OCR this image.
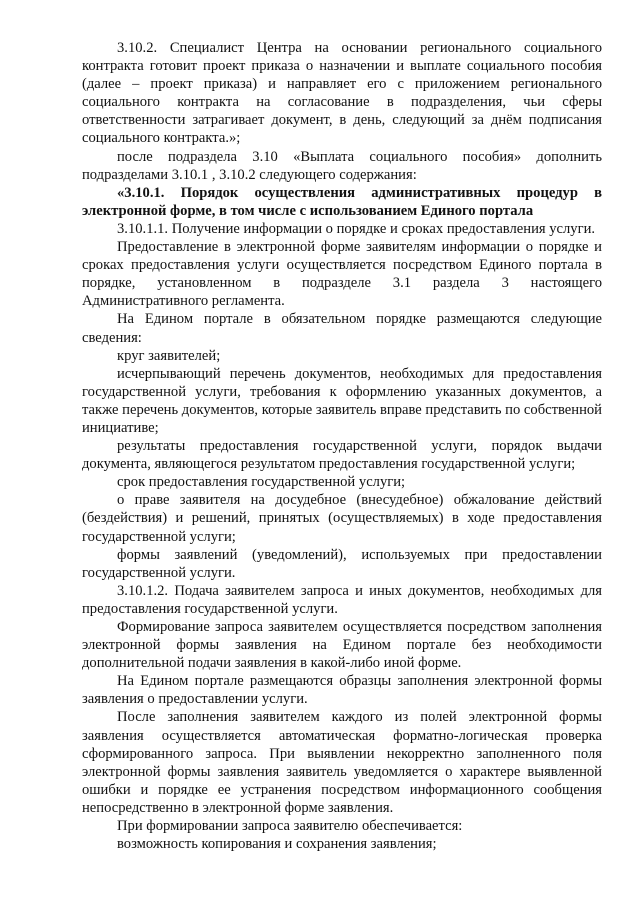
3.10.2. Специалист Центра на основании регионального социального контракта готовит проект приказа о назначении и выплате социального пособия (далее – проект приказа) и направляет его с приложением регионального социального контракта на согласование в подразделения, чьи сферы ответственности затрагивает документ, в день, следующий за днём подписания социального контракта.»;

после подраздела 3.10 «Выплата социального пособия» дополнить подразделами 3.10.1 , 3.10.2 следующего содержания:

«3.10.1. Порядок осуществления административных процедур в электронной форме, в том числе с использованием Единого портала

3.10.1.1. Получение информации о порядке и сроках предоставления услуги.

Предоставление в электронной форме заявителям информации о порядке и сроках предоставления услуги осуществляется посредством Единого портала в порядке, установленном в подразделе 3.1 раздела 3 настоящего Административного регламента.

На Едином портале в обязательном порядке размещаются следующие сведения:

круг заявителей;

исчерпывающий перечень документов, необходимых для предоставления государственной услуги, требования к оформлению указанных документов, а также перечень документов, которые заявитель вправе представить по собственной инициативе;

результаты предоставления государственной услуги, порядок выдачи документа, являющегося результатом предоставления государственной услуги;

срок предоставления государственной услуги;

о праве заявителя на досудебное (внесудебное) обжалование действий (бездействия) и решений, принятых (осуществляемых) в ходе предоставления государственной услуги;

формы заявлений (уведомлений), используемых при предоставлении государственной услуги.

3.10.1.2. Подача заявителем запроса и иных документов, необходимых для предоставления государственной услуги.

Формирование запроса заявителем осуществляется посредством заполнения электронной формы заявления на Едином портале без необходимости дополнительной подачи заявления в какой-либо иной форме.

На Едином портале размещаются образцы заполнения электронной формы заявления о предоставлении услуги.

После заполнения заявителем каждого из полей электронной формы заявления осуществляется автоматическая форматно-логическая проверка сформированного запроса. При выявлении некорректно заполненного поля электронной формы заявления заявитель уведомляется о характере выявленной ошибки и порядке ее устранения посредством информационного сообщения непосредственно в электронной форме заявления.

При формировании запроса заявителю обеспечивается:

возможность копирования и сохранения заявления;
